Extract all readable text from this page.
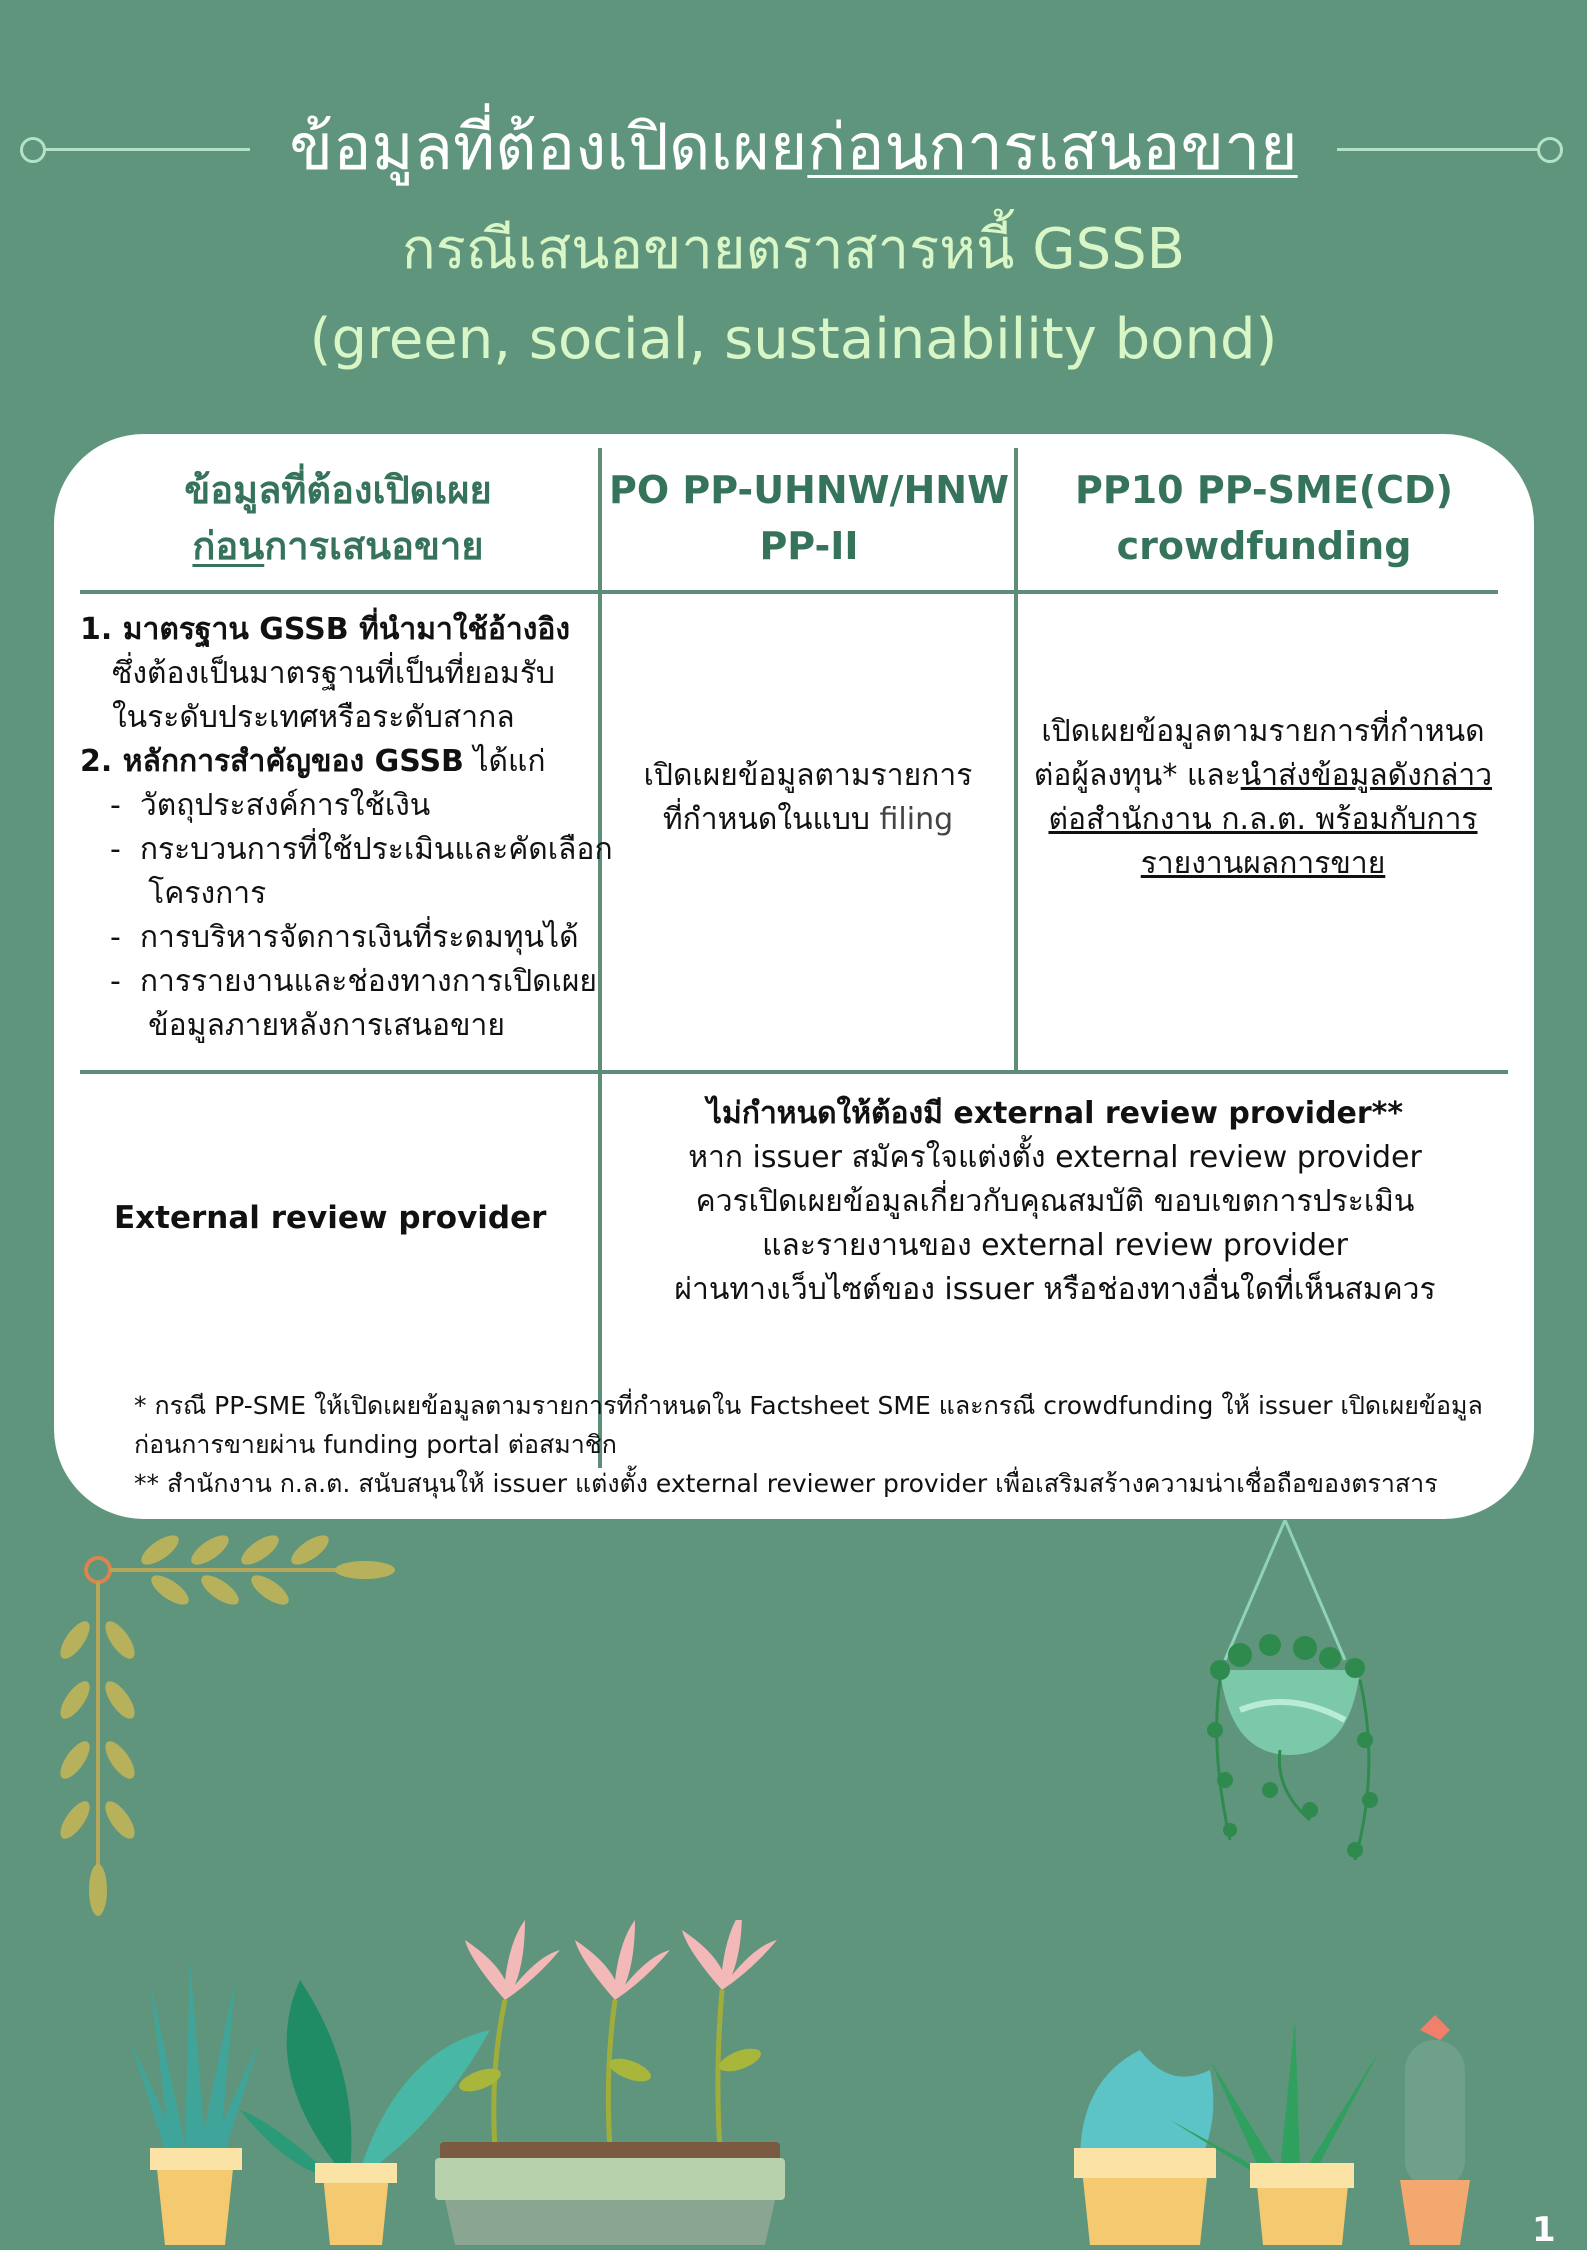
ข้อมูลที่ต้องเปิดเผยก่อนการเสนอขาย
กรณีเสนอขายตราสารหนี้ GSSB
(green, social, sustainability bond)
ข้อมูลที่ต้องเปิดเผย
ก่อนการเสนอขาย
PO PP-UHNW/HNW
PP-II
PP10 PP-SME(CD)
crowdfunding
1. มาตรฐาน GSSB ที่นำมาใช้อ้างอิง
ซึ่งต้องเป็นมาตรฐานที่เป็นที่ยอมรับ
ในระดับประเทศหรือระดับสากล
2. หลักการสำคัญของ GSSB ได้แก่
-  วัตถุประสงค์การใช้เงิน
-  กระบวนการที่ใช้ประเมินและคัดเลือก
โครงการ
-  การบริหารจัดการเงินที่ระดมทุนได้
-  การรายงานและช่องทางการเปิดเผย
ข้อมูลภายหลังการเสนอขาย
เปิดเผยข้อมูลตามรายการ
ที่กำหนดในแบบ filing
เปิดเผยข้อมูลตามรายการที่กำหนด
ต่อผู้ลงทุน* และนำส่งข้อมูลดังกล่าว
ต่อสำนักงาน ก.ล.ต. พร้อมกับการ
รายงานผลการขาย
External review provider
ไม่กำหนดให้ต้องมี external review provider**
หาก issuer สมัครใจแต่งตั้ง external review provider
ควรเปิดเผยข้อมูลเกี่ยวกับคุณสมบัติ ขอบเขตการประเมิน
และรายงานของ external review provider
ผ่านทางเว็บไซต์ของ issuer หรือช่องทางอื่นใดที่เห็นสมควร
* กรณี PP-SME ให้เปิดเผยข้อมูลตามรายการที่กำหนดใน Factsheet SME และกรณี crowdfunding ให้ issuer เปิดเผยข้อมูล
ก่อนการขายผ่าน funding portal ต่อสมาชิก
** สำนักงาน ก.ล.ต. สนับสนุนให้ issuer แต่งตั้ง external reviewer provider เพื่อเสริมสร้างความน่าเชื่อถือของตราสาร
1
